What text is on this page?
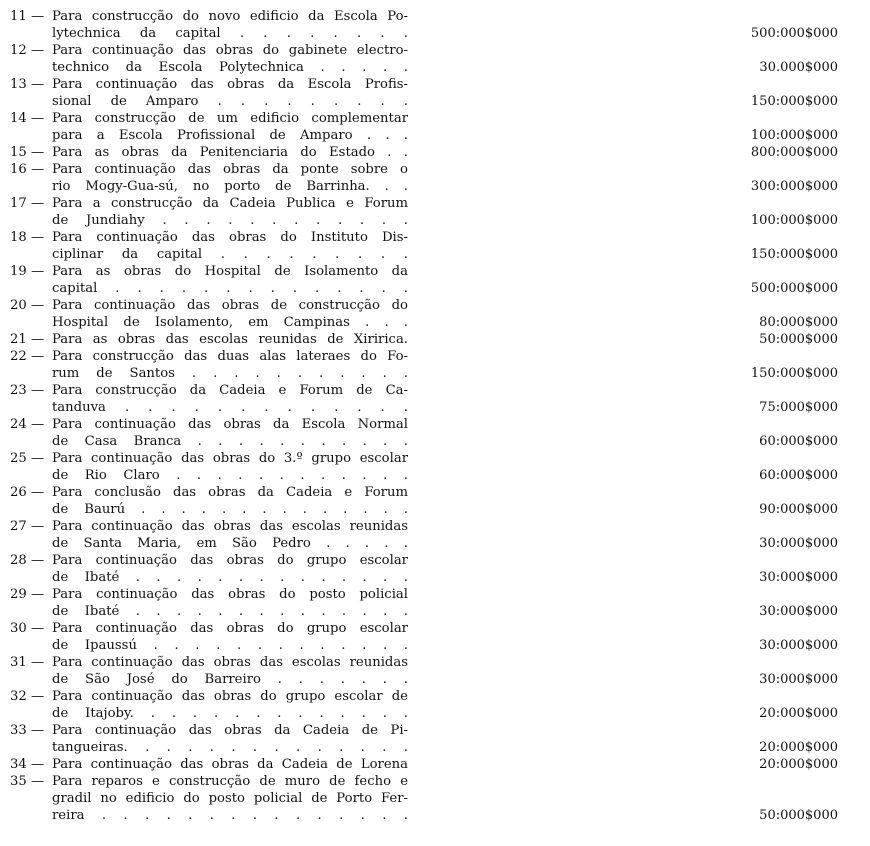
11 — Para construcção do novo edificio da Escola Po-
lytechnica da capital . . . . . . . .	500:000$000
12 — Para continuação das obras do gabinete electro-
technico da Escola Polytechnica . . . . .	30.000$000
13 — Para continuação das obras da Escola Profis-
sional de Amparo . . . . . . . . .	150:000$000
14 — Para construcção de um edificio complementar
para a Escola Profissional de Amparo . . .	100:000$000
15 — Para as obras da Penitenciaria do Estado . .	800:000$000
16 — Para continuação das obras da ponte sobre o
rio Mogy-Gua-sú, no porto de Barrinha. . .	300:000$000
17 — Para a construcção da Cadeia Publica e Forum
de Jundiahy . . . . . . . . . . . .	100:000$000
18 — Para continuação das obras do Instituto Dis-
ciplinar da capital . . . . . . . . .	150:000$000
19 — Para as obras do Hospital de Isolamento da
capital . . . . . . . . . . . . . .	500:000$000
20 — Para continuação das obras de construcção do
Hospital de Isolamento, em Campinas . . .	80:000$000
21 — Para as obras das escolas reunidas de Xiririca.	50:000$000
22 — Para construcção das duas alas lateraes do Fo-
rum de Santos . . . . . . . . . . .	150:000$000
23 — Para construcção da Cadeia e Forum de Ca-
tanduva . . . . . . . . . . . . .	75:000$000
24 — Para continuação das obras da Escola Normal
de Casa Branca . . . . . . . . . . .	60:000$000
25 — Para continuação das obras do 3.º grupo escolar
de Rio Claro . . . . . . . . . . . .	60:000$000
26 — Para conclusão das obras da Cadeia e Forum
de Baurú . . . . . . . . . . . . . .	90:000$000
27 — Para continuação das obras das escolas reunidas
de Santa Maria, em São Pedro . . . . .	30:000$000
28 — Para continuação das obras do grupo escolar
de Ibaté . . . . . . . . . . . . . .	30:000$000
29 — Para continuação das obras do posto policial
de Ibaté . . . . . . . . . . . . . .	30:000$000
30 — Para continuação das obras do grupo escolar
de Ipaussú . . . . . . . . . . . . .	30:000$000
31 — Para continuação das obras das escolas reunidas
de São José do Barreiro . . . . . . .	30:000$000
32 — Para continuação das obras do grupo escolar de
de Itajoby. . . . . . . . . . . . . .	20:000$000
33 — Para continuação das obras da Cadeia de Pi-
tangueiras. . . . . . . . . . . . . .	20:000$000
34 — Para continuação das obras da Cadeia de Lorena	20:000$000
35 — Para reparos e construcção de muro de fecho e
gradil no edificio do posto policial de Porto Fer-
reira . . . . . . . . . . . . . . .	50:000$000
